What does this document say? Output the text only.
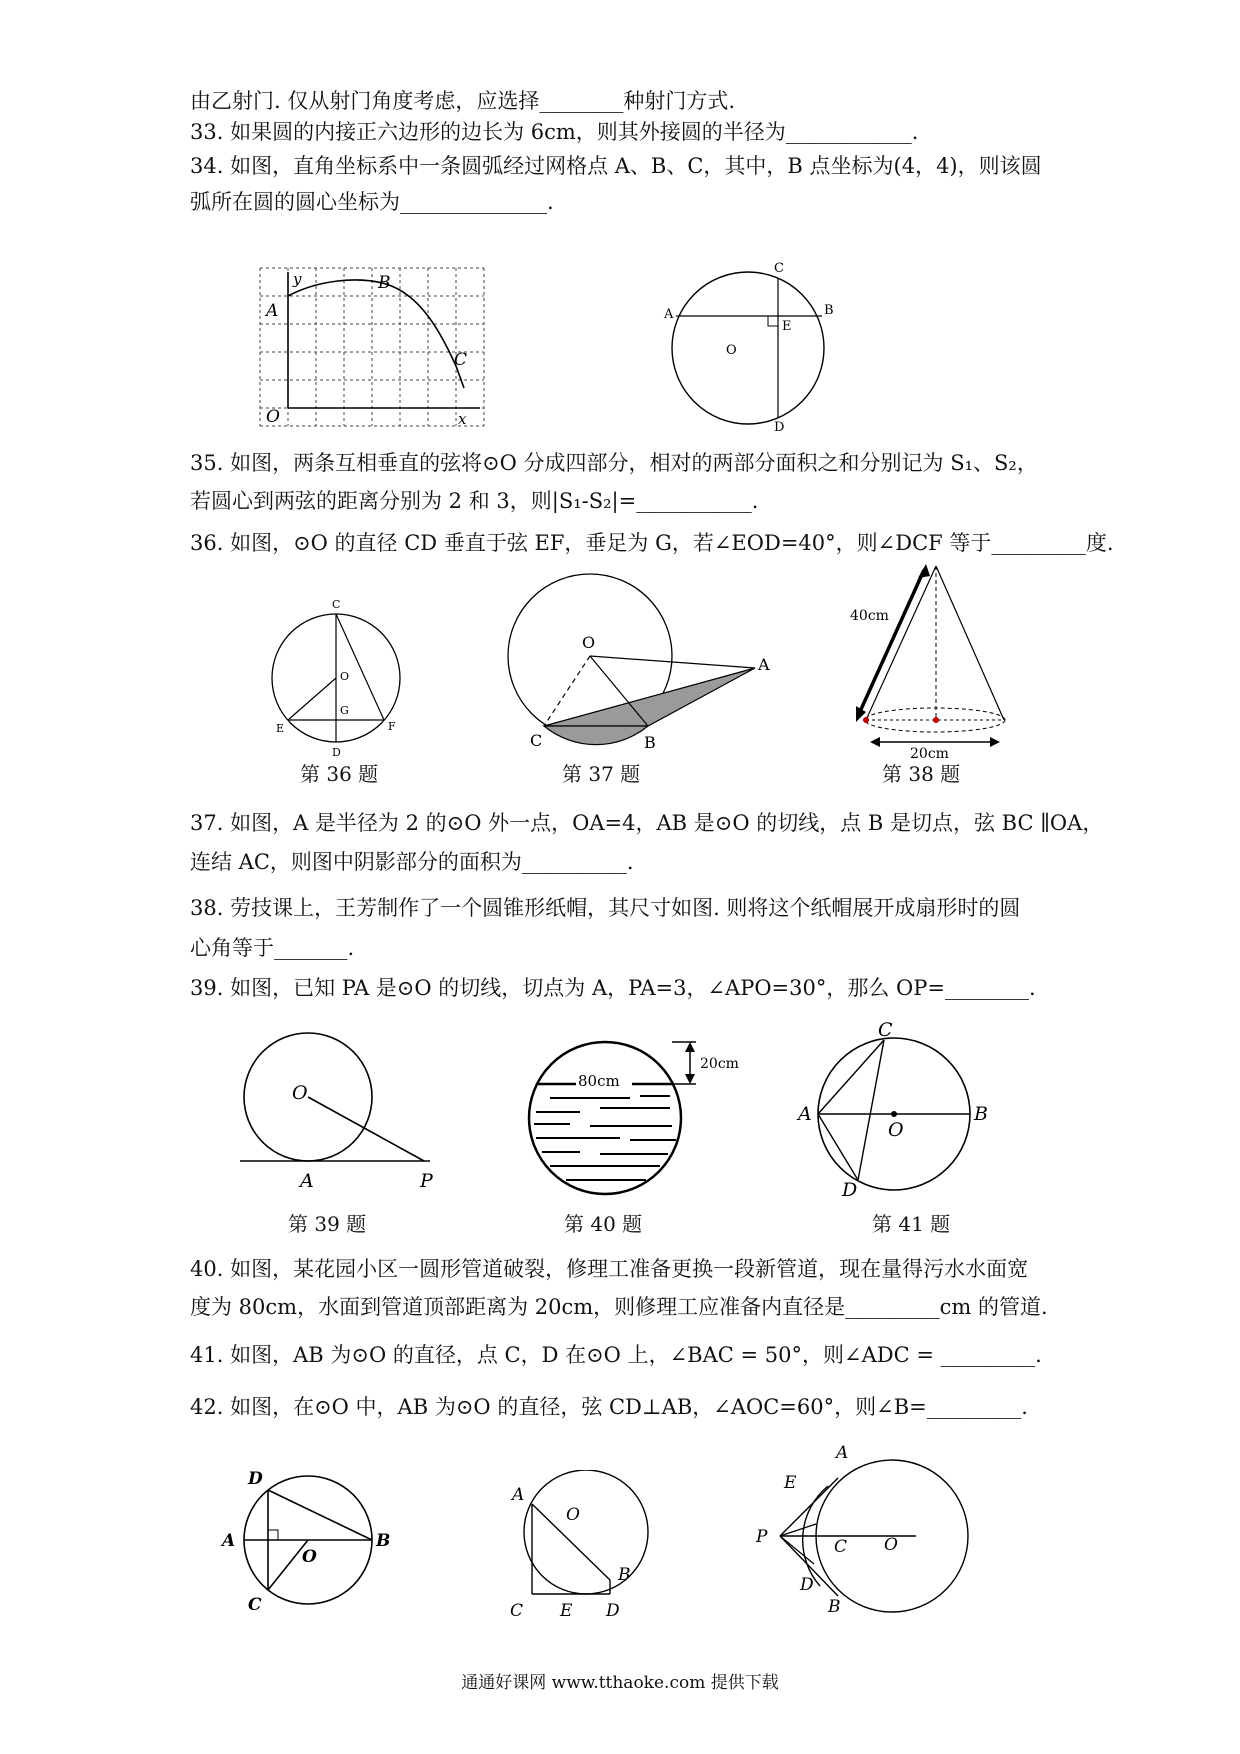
由乙射门. 仅从射门角度考虑，应选择________种射门方式.
33. 如果圆的内接正六边形的边长为 6cm，则其外接圆的半径为____________.
34. 如图，直角坐标系中一条圆弧经过网格点 A、B、C，其中，B 点坐标为(4，4)，则该圆
弧所在圆的圆心坐标为______________.
y
A
B
C
O	x
A	B
C
D
E
O
35. 如图，两条互相垂直的弦将⊙O 分成四部分，相对的两部分面积之和分别记为 S₁、S₂，
若圆心到两弦的距离分别为 2 和 3，则|S₁-S₂|=___________.
36. 如图，⊙O 的直径 CD 垂直于弦 EF，垂足为 G，若∠EOD=40°，则∠DCF 等于_________度.
C
O
G
E	F
D
O
A
C	B
40cm
20cm
第 36 题	第 37 题	第 38 题
37. 如图，A 是半径为 2 的⊙O 外一点，OA=4，AB 是⊙O 的切线，点 B 是切点，弦 BC ∥OA，
连结 AC，则图中阴影部分的面积为__________.
38. 劳技课上，王芳制作了一个圆锥形纸帽，其尺寸如图. 则将这个纸帽展开成扇形时的圆
心角等于_______.
39. 如图，已知 PA 是⊙O 的切线，切点为 A，PA=3，∠APO=30°，那么 OP=________.
O
A	P
80cm
20cm
C
A
O
B
D
第 39 题	第 40 题	第 41 题
40. 如图，某花园小区一圆形管道破裂，修理工准备更换一段新管道，现在量得污水水面宽
度为 80cm，水面到管道顶部距离为 20cm，则修理工应准备内直径是_________cm 的管道.
41. 如图，AB 为⊙O 的直径，点 C，D 在⊙O 上，∠BAC = 50°，则∠ADC = _________.
42. 如图，在⊙O 中，AB 为⊙O 的直径，弦 CD⊥AB，∠AOC=60°，则∠B=_________.
D
A
O
B
C
A
O
B
C E D
A
E
P	C O
D
B
通通好课网 www.tthaoke.com 提供下载
